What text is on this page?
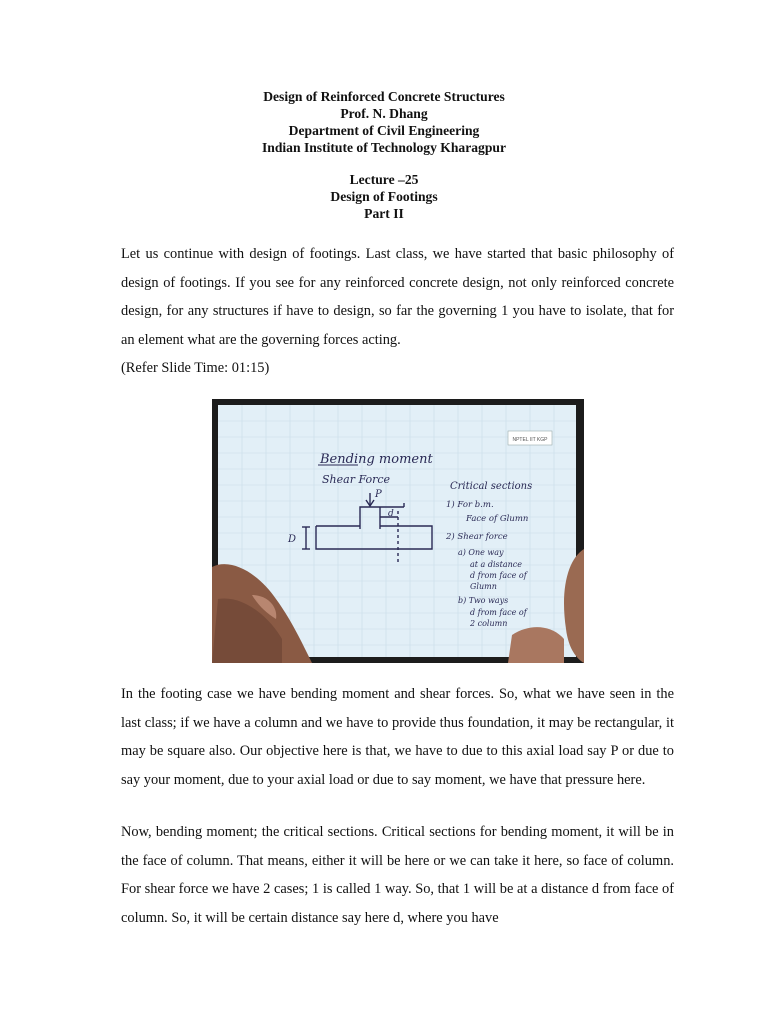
Design of Reinforced Concrete Structures
Prof. N. Dhang
Department of Civil Engineering
Indian Institute of Technology Kharagpur
Lecture –25
Design of Footings
Part II

Let us continue with design of footings. Last class, we have started that basic philosophy of design of footings. If you see for any reinforced concrete design, not only reinforced concrete design, for any structures if have to design, so far the governing 1 you have to isolate, that for an element what are the governing forces acting.

(Refer Slide Time: 01:15)

NPTEL IIT KGP
Bending moment
Shear Force
P
D
d
Critical sections
1) For b.m.
Face of Glumn
2) Shear force
a) One way
at a distance
d from face of
Glumn
b) Two ways
d from face of
2 column

In the footing case we have bending moment and shear forces. So, what we have seen in the last class; if we have a column and we have to provide thus foundation, it may be rectangular, it may be square also. Our objective here is that, we have to due to this axial load say P or due to say your moment, due to your axial load or due to say moment, we have that pressure here.

Now, bending moment; the critical sections. Critical sections for bending moment, it will be in the face of column. That means, either it will be here or we can take it here, so face of column. For shear force we have 2 cases; 1 is called 1 way. So, that 1 will be at a distance d from face of column. So, it will be certain distance say here d, where you have
